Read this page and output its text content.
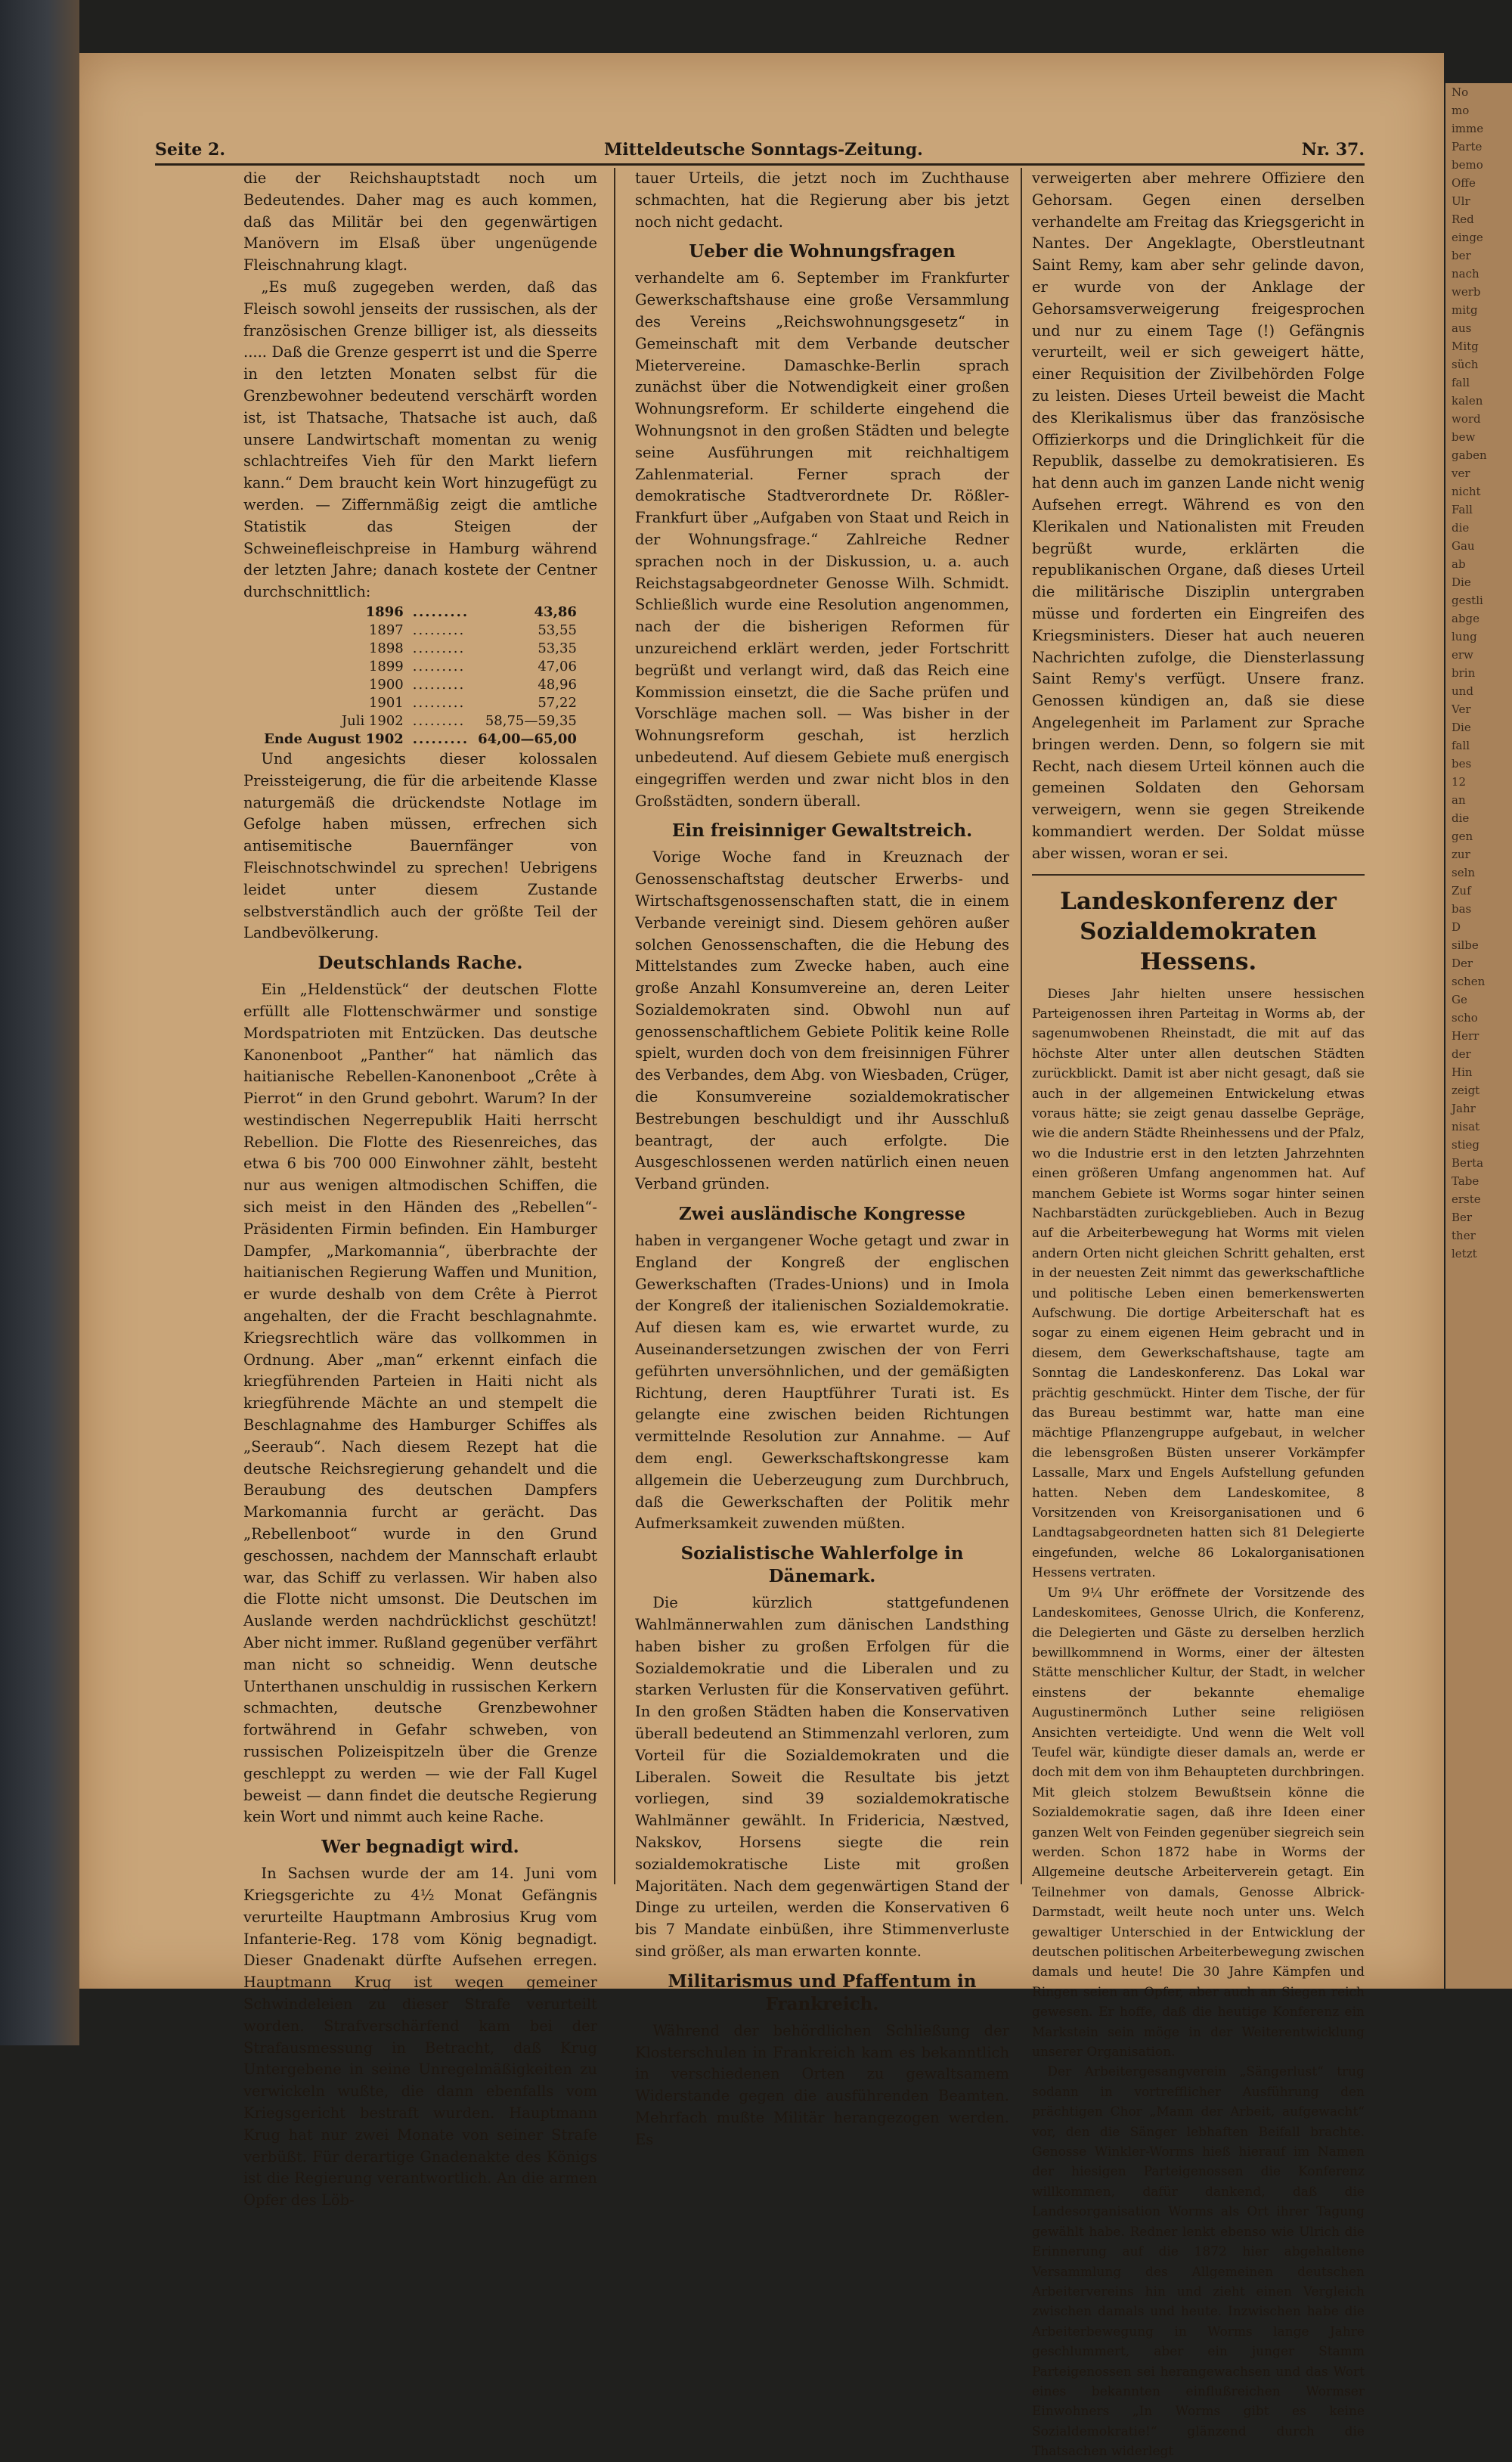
No
mo
imme
Parte
bemo
Offe
Ulr
Red
einge
ber
nach
werb
mitg
aus
Mitg
süch
fall
kalen
word
bew
gaben
ver
nicht
Fall
die
Gau
ab
Die
gestli
abge
lung
erw
brin
und
Ver
Die
fall
bes
12
an
die
gen
zur
seln
Zuf
bas
D
silbe
Der
schen
Ge
scho
Herr
der
Hin
zeigt
Jahr
nisat
stieg
Berta
Tabe
erste
Ber
ther
letzt
Seite 2.	Mitteldeutsche Sonntags-Zeitung.	Nr. 37.

die der Reichshauptstadt noch um Bedeutendes. Daher mag es auch kommen, daß das Militär bei den gegenwärtigen Manövern im Elsaß über ungenügende Fleischnahrung klagt.

„Es muß zugegeben werden, daß das Fleisch sowohl jenseits der russischen, als der französischen Grenze billiger ist, als diesseits ..... Daß die Grenze gesperrt ist und die Sperre in den letzten Monaten selbst für die Grenzbewohner bedeutend verschärft worden ist, ist Thatsache, Thatsache ist auch, daß unsere Landwirtschaft momentan zu wenig schlachtreifes Vieh für den Markt liefern kann.“ Dem braucht kein Wort hinzugefügt zu werden. — Ziffernmäßig zeigt die amtliche Statistik das Steigen der Schweinefleischpreise in Hamburg während der letzten Jahre; danach kostete der Centner durchschnittlich:

1896	.........	43,86
1897	.........	53,55
1898	.........	53,35
1899	.........	47,06
1900	.........	48,96
1901	.........	57,22
Juli 1902	.........	58,75—59,35
Ende August 1902	.........	64,00—65,00

Und angesichts dieser kolossalen Preissteigerung, die für die arbeitende Klasse naturgemäß die drückendste Notlage im Gefolge haben müssen, erfrechen sich antisemitische Bauernfänger von Fleischnotschwindel zu sprechen! Uebrigens leidet unter diesem Zustande selbstverständlich auch der größte Teil der Landbevölkerung.

Deutschlands Rache.

Ein „Heldenstück“ der deutschen Flotte erfüllt alle Flottenschwärmer und sonstige Mordspatrioten mit Entzücken. Das deutsche Kanonenboot „Panther“ hat nämlich das haitianische Rebellen-Kanonenboot „Crête à Pierrot“ in den Grund gebohrt. Warum? In der westindischen Negerrepublik Haiti herrscht Rebellion. Die Flotte des Riesenreiches, das etwa 6 bis 700 000 Einwohner zählt, besteht nur aus wenigen altmodischen Schiffen, die sich meist in den Händen des „Rebellen“-Präsidenten Firmin befinden. Ein Hamburger Dampfer, „Markomannia“, überbrachte der haitianischen Regierung Waffen und Munition, er wurde deshalb von dem Crête à Pierrot angehalten, der die Fracht beschlagnahmte. Kriegsrechtlich wäre das vollkommen in Ordnung. Aber „man“ erkennt einfach die kriegführenden Parteien in Haiti nicht als kriegführende Mächte an und stempelt die Beschlagnahme des Hamburger Schiffes als „Seeraub“. Nach diesem Rezept hat die deutsche Reichsregierung gehandelt und die Beraubung des deutschen Dampfers Markomannia furcht ar gerächt. Das „Rebellenboot“ wurde in den Grund geschossen, nachdem der Mannschaft erlaubt war, das Schiff zu verlassen. Wir haben also die Flotte nicht umsonst. Die Deutschen im Auslande werden nachdrücklichst geschützt! Aber nicht immer. Rußland gegenüber verfährt man nicht so schneidig. Wenn deutsche Unterthanen unschuldig in russischen Kerkern schmachten, deutsche Grenzbewohner fortwährend in Gefahr schweben, von russischen Polizeispitzeln über die Grenze geschleppt zu werden — wie der Fall Kugel beweist — dann findet die deutsche Regierung kein Wort und nimmt auch keine Rache.

Wer begnadigt wird.

In Sachsen wurde der am 14. Juni vom Kriegsgerichte zu 4½ Monat Gefängnis verurteilte Hauptmann Ambrosius Krug vom Infanterie-Reg. 178 vom König begnadigt. Dieser Gnadenakt dürfte Aufsehen erregen. Hauptmann Krug ist wegen gemeiner Schwindeleien zu dieser Strafe verurteilt worden. Strafverschärfend kam bei der Strafausmessung in Betracht, daß Krug Untergebene in seine Unregelmäßigkeiten zu verwickeln wußte, die dann ebenfalls vom Kriegsgericht bestraft wurden. Hauptmann Krug hat nur zwei Monate von seiner Strafe verbüßt. Für derartige Gnadenakte des Königs ist die Regierung verantwortlich. An die armen Opfer des Löb-

tauer Urteils, die jetzt noch im Zuchthause schmachten, hat die Regierung aber bis jetzt noch nicht gedacht.

Ueber die Wohnungsfragen

verhandelte am 6. September im Frankfurter Gewerkschaftshause eine große Versammlung des Vereins „Reichswohnungsgesetz“ in Gemeinschaft mit dem Verbande deutscher Mietervereine. Damaschke-Berlin sprach zunächst über die Notwendigkeit einer großen Wohnungsreform. Er schilderte eingehend die Wohnungsnot in den großen Städten und belegte seine Ausführungen mit reichhaltigem Zahlenmaterial. Ferner sprach der demokratische Stadtverordnete Dr. Rößler-Frankfurt über „Aufgaben von Staat und Reich in der Wohnungsfrage.“ Zahlreiche Redner sprachen noch in der Diskussion, u. a. auch Reichstagsabgeordneter Genosse Wilh. Schmidt. Schließlich wurde eine Resolution angenommen, nach der die bisherigen Reformen für unzureichend erklärt werden, jeder Fortschritt begrüßt und verlangt wird, daß das Reich eine Kommission einsetzt, die die Sache prüfen und Vorschläge machen soll. — Was bisher in der Wohnungsreform geschah, ist herzlich unbedeutend. Auf diesem Gebiete muß energisch eingegriffen werden und zwar nicht blos in den Großstädten, sondern überall.

Ein freisinniger Gewaltstreich.

Vorige Woche fand in Kreuznach der Genossenschaftstag deutscher Erwerbs- und Wirtschaftsgenossenschaften statt, die in einem Verbande vereinigt sind. Diesem gehören außer solchen Genossenschaften, die die Hebung des Mittelstandes zum Zwecke haben, auch eine große Anzahl Konsumvereine an, deren Leiter Sozialdemokraten sind. Obwohl nun auf genossenschaftlichem Gebiete Politik keine Rolle spielt, wurden doch von dem freisinnigen Führer des Verbandes, dem Abg. von Wiesbaden, Crüger, die Konsumvereine sozialdemokratischer Bestrebungen beschuldigt und ihr Ausschluß beantragt, der auch erfolgte. Die Ausgeschlossenen werden natürlich einen neuen Verband gründen.

Zwei ausländische Kongresse

haben in vergangener Woche getagt und zwar in England der Kongreß der englischen Gewerkschaften (Trades-Unions) und in Imola der Kongreß der italienischen Sozialdemokratie. Auf diesen kam es, wie erwartet wurde, zu Auseinandersetzungen zwischen der von Ferri geführten unversöhnlichen, und der gemäßigten Richtung, deren Hauptführer Turati ist. Es gelangte eine zwischen beiden Richtungen vermittelnde Resolution zur Annahme. — Auf dem engl. Gewerkschaftskongresse kam allgemein die Ueberzeugung zum Durchbruch, daß die Gewerkschaften der Politik mehr Aufmerksamkeit zuwenden müßten.

Sozialistische Wahlerfolge in Dänemark.

Die kürzlich stattgefundenen Wahlmännerwahlen zum dänischen Landsthing haben bisher zu großen Erfolgen für die Sozialdemokratie und die Liberalen und zu starken Verlusten für die Konservativen geführt. In den großen Städten haben die Konservativen überall bedeutend an Stimmenzahl verloren, zum Vorteil für die Sozialdemokraten und die Liberalen. Soweit die Resultate bis jetzt vorliegen, sind 39 sozialdemokratische Wahlmänner gewählt. In Fridericia, Næstved, Nakskov, Horsens siegte die rein sozialdemokratische Liste mit großen Majoritäten. Nach dem gegenwärtigen Stand der Dinge zu urteilen, werden die Konservativen 6 bis 7 Mandate einbüßen, ihre Stimmenverluste sind größer, als man erwarten konnte.

Militarismus und Pfaffentum in Frankreich.

Während der behördlichen Schließung der Klosterschulen in Frankreich kam es bekanntlich in verschiedenen Orten zu gewaltsamem Widerstande gegen die ausführenden Beamten. Mehrfach mußte Militär herangezogen werden. Es

verweigerten aber mehrere Offiziere den Gehorsam. Gegen einen derselben verhandelte am Freitag das Kriegsgericht in Nantes. Der Angeklagte, Oberstleutnant Saint Remy, kam aber sehr gelinde davon, er wurde von der Anklage der Gehorsamsverweigerung freigesprochen und nur zu einem Tage (!) Gefängnis verurteilt, weil er sich geweigert hätte, einer Requisition der Zivilbehörden Folge zu leisten. Dieses Urteil beweist die Macht des Klerikalismus über das französische Offizierkorps und die Dringlichkeit für die Republik, dasselbe zu demokratisieren. Es hat denn auch im ganzen Lande nicht wenig Aufsehen erregt. Während es von den Klerikalen und Nationalisten mit Freuden begrüßt wurde, erklärten die republikanischen Organe, daß dieses Urteil die militärische Disziplin untergraben müsse und forderten ein Eingreifen des Kriegsministers. Dieser hat auch neueren Nachrichten zufolge, die Diensterlassung Saint Remy's verfügt. Unsere franz. Genossen kündigen an, daß sie diese Angelegenheit im Parlament zur Sprache bringen werden. Denn, so folgern sie mit Recht, nach diesem Urteil können auch die gemeinen Soldaten den Gehorsam verweigern, wenn sie gegen Streikende kommandiert werden. Der Soldat müsse aber wissen, woran er sei.

Landeskonferenz der Sozialdemokraten Hessens.

Dieses Jahr hielten unsere hessischen Parteigenossen ihren Parteitag in Worms ab, der sagenumwobenen Rheinstadt, die mit auf das höchste Alter unter allen deutschen Städten zurückblickt. Damit ist aber nicht gesagt, daß sie auch in der allgemeinen Entwickelung etwas voraus hätte; sie zeigt genau dasselbe Gepräge, wie die andern Städte Rheinhessens und der Pfalz, wo die Industrie erst in den letzten Jahrzehnten einen größeren Umfang angenommen hat. Auf manchem Gebiete ist Worms sogar hinter seinen Nachbarstädten zurückgeblieben. Auch in Bezug auf die Arbeiterbewegung hat Worms mit vielen andern Orten nicht gleichen Schritt gehalten, erst in der neuesten Zeit nimmt das gewerkschaftliche und politische Leben einen bemerkenswerten Aufschwung. Die dortige Arbeiterschaft hat es sogar zu einem eigenen Heim gebracht und in diesem, dem Gewerkschaftshause, tagte am Sonntag die Landeskonferenz. Das Lokal war prächtig geschmückt. Hinter dem Tische, der für das Bureau bestimmt war, hatte man eine mächtige Pflanzengruppe aufgebaut, in welcher die lebensgroßen Büsten unserer Vorkämpfer Lassalle, Marx und Engels Aufstellung gefunden hatten. Neben dem Landeskomitee, 8 Vorsitzenden von Kreisorganisationen und 6 Landtagsabgeordneten hatten sich 81 Delegierte eingefunden, welche 86 Lokalorganisationen Hessens vertraten.

Um 9¼ Uhr eröffnete der Vorsitzende des Landeskomitees, Genosse Ulrich, die Konferenz, die Delegierten und Gäste zu derselben herzlich bewillkommnend in Worms, einer der ältesten Stätte menschlicher Kultur, der Stadt, in welcher einstens der bekannte ehemalige Augustinermönch Luther seine religiösen Ansichten verteidigte. Und wenn die Welt voll Teufel wär, kündigte dieser damals an, werde er doch mit dem von ihm Behaupteten durchbringen. Mit gleich stolzem Bewußtsein könne die Sozialdemokratie sagen, daß ihre Ideen einer ganzen Welt von Feinden gegenüber siegreich sein werden. Schon 1872 habe in Worms der Allgemeine deutsche Arbeiterverein getagt. Ein Teilnehmer von damals, Genosse Albrick-Darmstadt, weilt heute noch unter uns. Welch gewaltiger Unterschied in der Entwicklung der deutschen politischen Arbeiterbewegung zwischen damals und heute! Die 30 Jahre Kämpfen und Ringen seien an Opfer, aber auch an Siegen reich gewesen. Er hoffe, daß die heutige Konferenz ein Markstein sein möge in der Weiterentwicklung unserer Organisation.

Der Arbeitergesangverein „Sängerlust“ trug sodann in vortrefflicher Ausführung den prächtigen Chor „Mann der Arbeit, aufgewacht“ vor, den die Sänger lebhaften Beifall brachte. Genosse Winkler-Worms hieß hierauf im Namen der hiesigen Parteigenossen die Konferenz willkommen, dafür dankend, daß die Landesorganisation Worms als Ort ihrer Tagung gewählt habe. Redner lenkt ebenso wie Ulrich die Erinnerung auf die 1872 hier abgehaltene Versammlung des Allgemeinen deutschen Arbeitervereins hin und zieht einen Vergleich zwischen damals und heute. Inzwischen habe die Arbeiterbewegung in Worms lange Jahre geschlummert, aber ein junger Stamm Parteigenossen sei herangewachsen und das Wort eines bekannten einflußreichen Wormser Einwohners „In Worms gibt es keine Sozialdemokratie!“ glänzend durch die Thatsachen widerlegt
